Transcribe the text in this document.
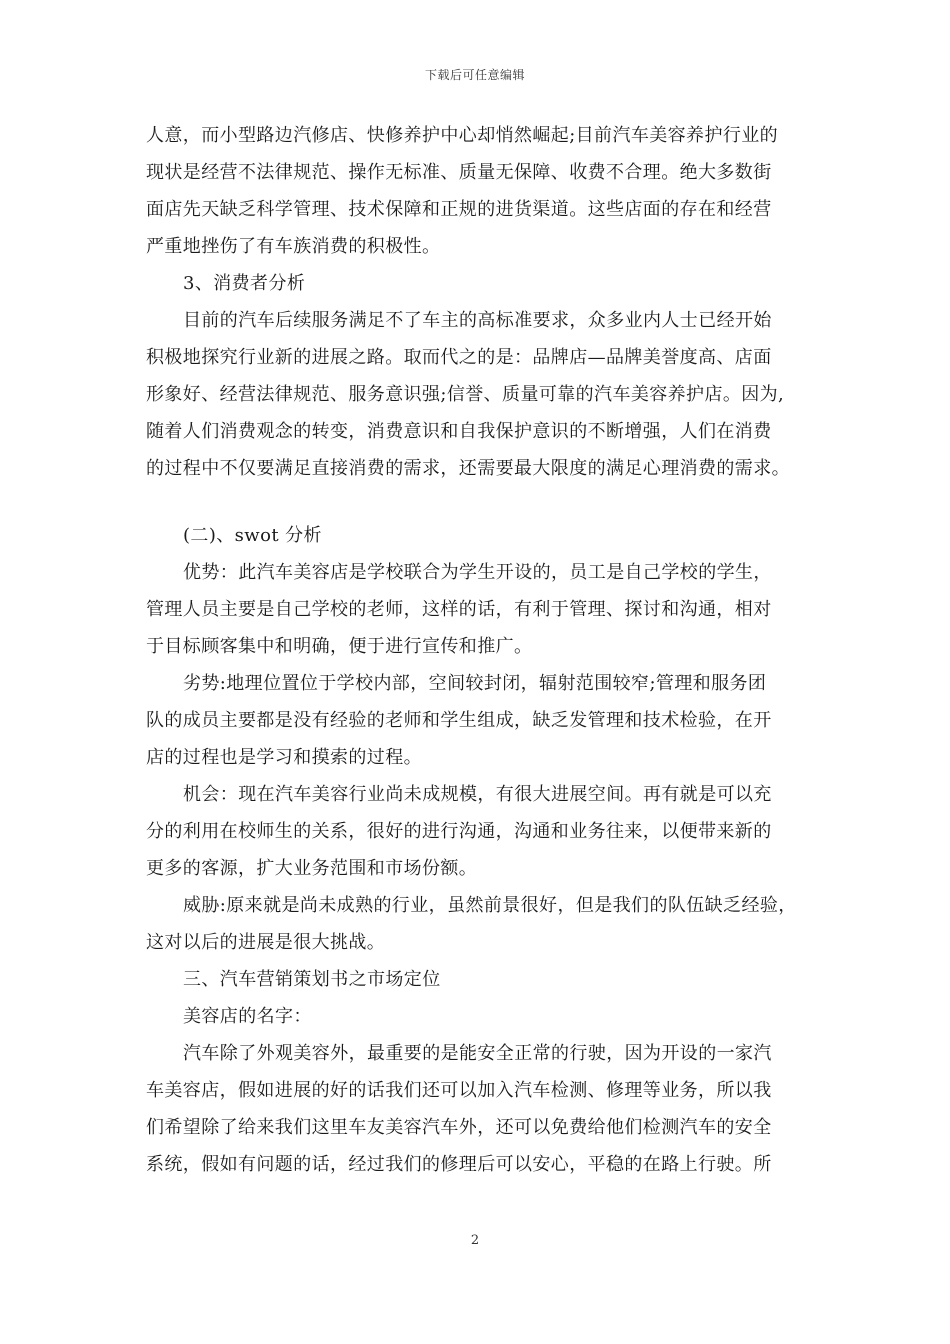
下载后可任意编辑
人意，而小型路边汽修店、快修养护中心却悄然崛起;目前汽车美容养护行业的
现状是经营不法律规范、操作无标准、质量无保障、收费不合理。绝大多数街
面店先天缺乏科学管理、技术保障和正规的进货渠道。这些店面的存在和经营
严重地挫伤了有车族消费的积极性。
3、消费者分析
目前的汽车后续服务满足不了车主的高标准要求，众多业内人士已经开始
积极地探究行业新的进展之路。取而代之的是：品牌店—品牌美誉度高、店面
形象好、经营法律规范、服务意识强;信誉、质量可靠的汽车美容养护店。因为,
随着人们消费观念的转变，消费意识和自我保护意识的不断增强，人们在消费
的过程中不仅要满足直接消费的需求，还需要最大限度的满足心理消费的需求。
(二)、swot 分析
优势：此汽车美容店是学校联合为学生开设的，员工是自己学校的学生，
管理人员主要是自己学校的老师，这样的话，有利于管理、探讨和沟通，相对
于目标顾客集中和明确，便于进行宣传和推广。
劣势:地理位置位于学校内部，空间较封闭，辐射范围较窄;管理和服务团
队的成员主要都是没有经验的老师和学生组成，缺乏发管理和技术检验，在开
店的过程也是学习和摸索的过程。
机会：现在汽车美容行业尚未成规模，有很大进展空间。再有就是可以充
分的利用在校师生的关系，很好的进行沟通，沟通和业务往来，以便带来新的
更多的客源，扩大业务范围和市场份额。
威胁:原来就是尚未成熟的行业，虽然前景很好，但是我们的队伍缺乏经验，
这对以后的进展是很大挑战。
三、汽车营销策划书之市场定位
美容店的名字：
汽车除了外观美容外，最重要的是能安全正常的行驶，因为开设的一家汽
车美容店，假如进展的好的话我们还可以加入汽车检测、修理等业务，所以我
们希望除了给来我们这里车友美容汽车外，还可以免费给他们检测汽车的安全
系统，假如有问题的话，经过我们的修理后可以安心，平稳的在路上行驶。所
2
